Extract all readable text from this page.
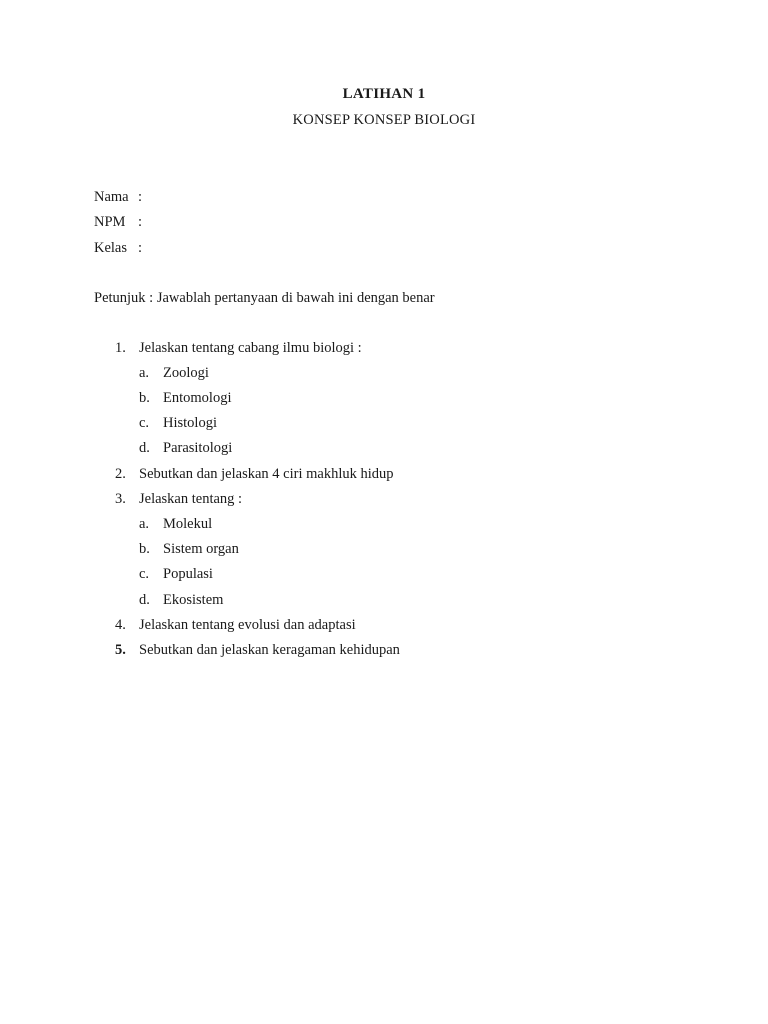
LATIHAN 1
KONSEP KONSEP BIOLOGI
Nama :
NPM :
Kelas :
Petunjuk : Jawablah pertanyaan di bawah ini dengan benar
1. Jelaskan tentang cabang ilmu biologi :
a. Zoologi
b. Entomologi
c. Histologi
d. Parasitologi
2. Sebutkan dan jelaskan 4 ciri makhluk hidup
3. Jelaskan tentang :
a. Molekul
b. Sistem organ
c. Populasi
d. Ekosistem
4. Jelaskan tentang evolusi dan adaptasi
5. Sebutkan dan jelaskan keragaman kehidupan
